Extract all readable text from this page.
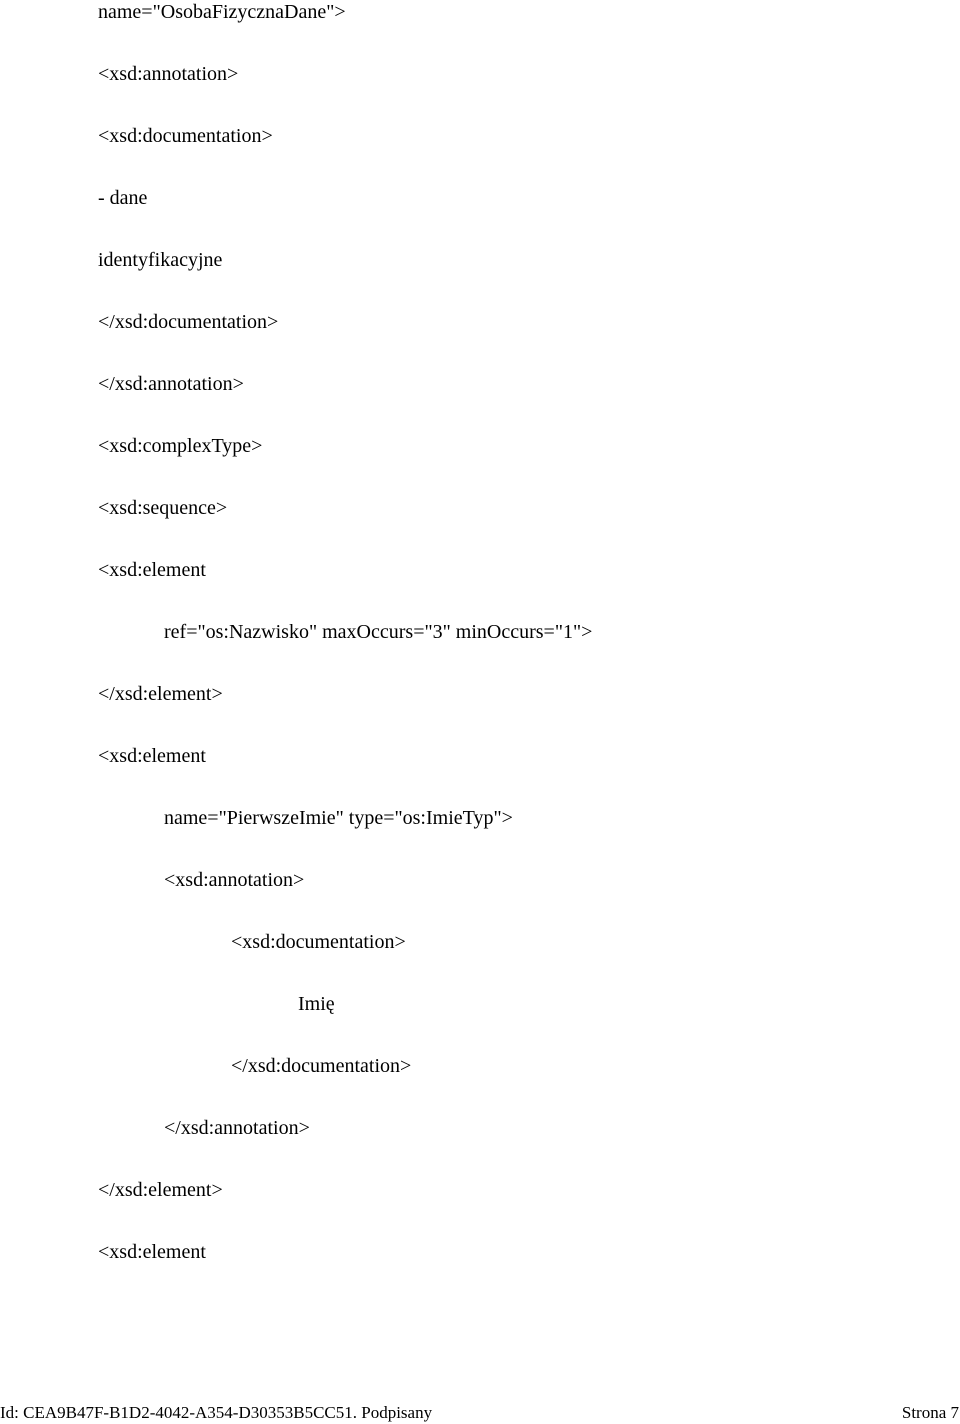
name="OsobaFizycznaDane">
<xsd:annotation>
<xsd:documentation>
- dane
identyfikacyjne
</xsd:documentation>
</xsd:annotation>
<xsd:complexType>
<xsd:sequence>
<xsd:element
ref="os:Nazwisko" maxOccurs="3" minOccurs="1">
</xsd:element>
<xsd:element
name="PierwszeImie" type="os:ImieTyp">
<xsd:annotation>
<xsd:documentation>
Imię
</xsd:documentation>
</xsd:annotation>
</xsd:element>
<xsd:element
Id: CEA9B47F-B1D2-4042-A354-D30353B5CC51. Podpisany	Strona 7
